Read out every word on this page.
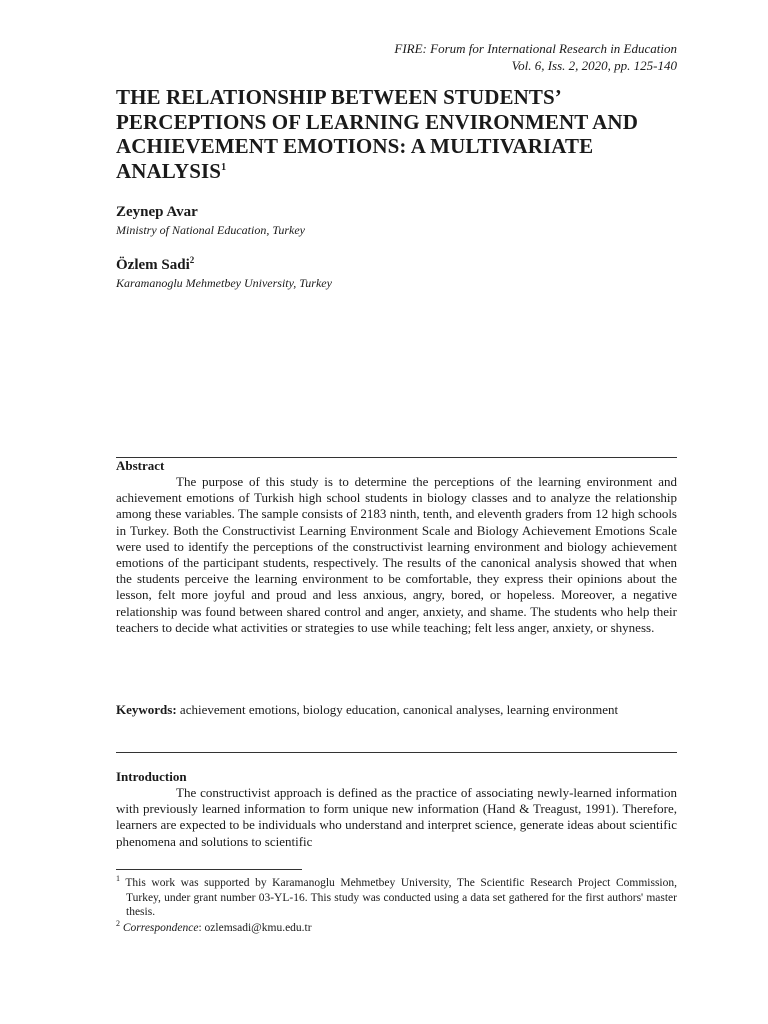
FIRE: Forum for International Research in Education
Vol. 6, Iss. 2, 2020, pp. 125-140
THE RELATIONSHIP BETWEEN STUDENTS’ PERCEPTIONS OF LEARNING ENVIRONMENT AND ACHIEVEMENT EMOTIONS: A MULTIVARIATE ANALYSIS$^1$
Zeynep Avar
Ministry of National Education, Turkey
Özlem Sadi$^2$
Karamanoglu Mehmetbey University, Turkey
Abstract

The purpose of this study is to determine the perceptions of the learning environment and achievement emotions of Turkish high school students in biology classes and to analyze the relationship among these variables. The sample consists of 2183 ninth, tenth, and eleventh graders from 12 high schools in Turkey. Both the Constructivist Learning Environment Scale and Biology Achievement Emotions Scale were used to identify the perceptions of the constructivist learning environment and biology achievement emotions of the participant students, respectively. The results of the canonical analysis showed that when the students perceive the learning environment to be comfortable, they express their opinions about the lesson, felt more joyful and proud and less anxious, angry, bored, or hopeless. Moreover, a negative relationship was found between shared control and anger, anxiety, and shame. The students who help their teachers to decide what activities or strategies to use while teaching; felt less anger, anxiety, or shyness.

Keywords: achievement emotions, biology education, canonical analyses, learning environment

Introduction

The constructivist approach is defined as the practice of associating newly-learned information with previously learned information to form unique new information (Hand & Treagust, 1991). Therefore, learners are expected to be individuals who understand and interpret science, generate ideas about scientific phenomena and solutions to scientific

$^1$ This work was supported by Karamanoglu Mehmetbey University, The Scientific Research Project Commission, Turkey, under grant number 03-YL-16. This study was conducted using a data set gathered for the first authors' master thesis.
$^2$ Correspondence: ozlemsadi@kmu.edu.tr
